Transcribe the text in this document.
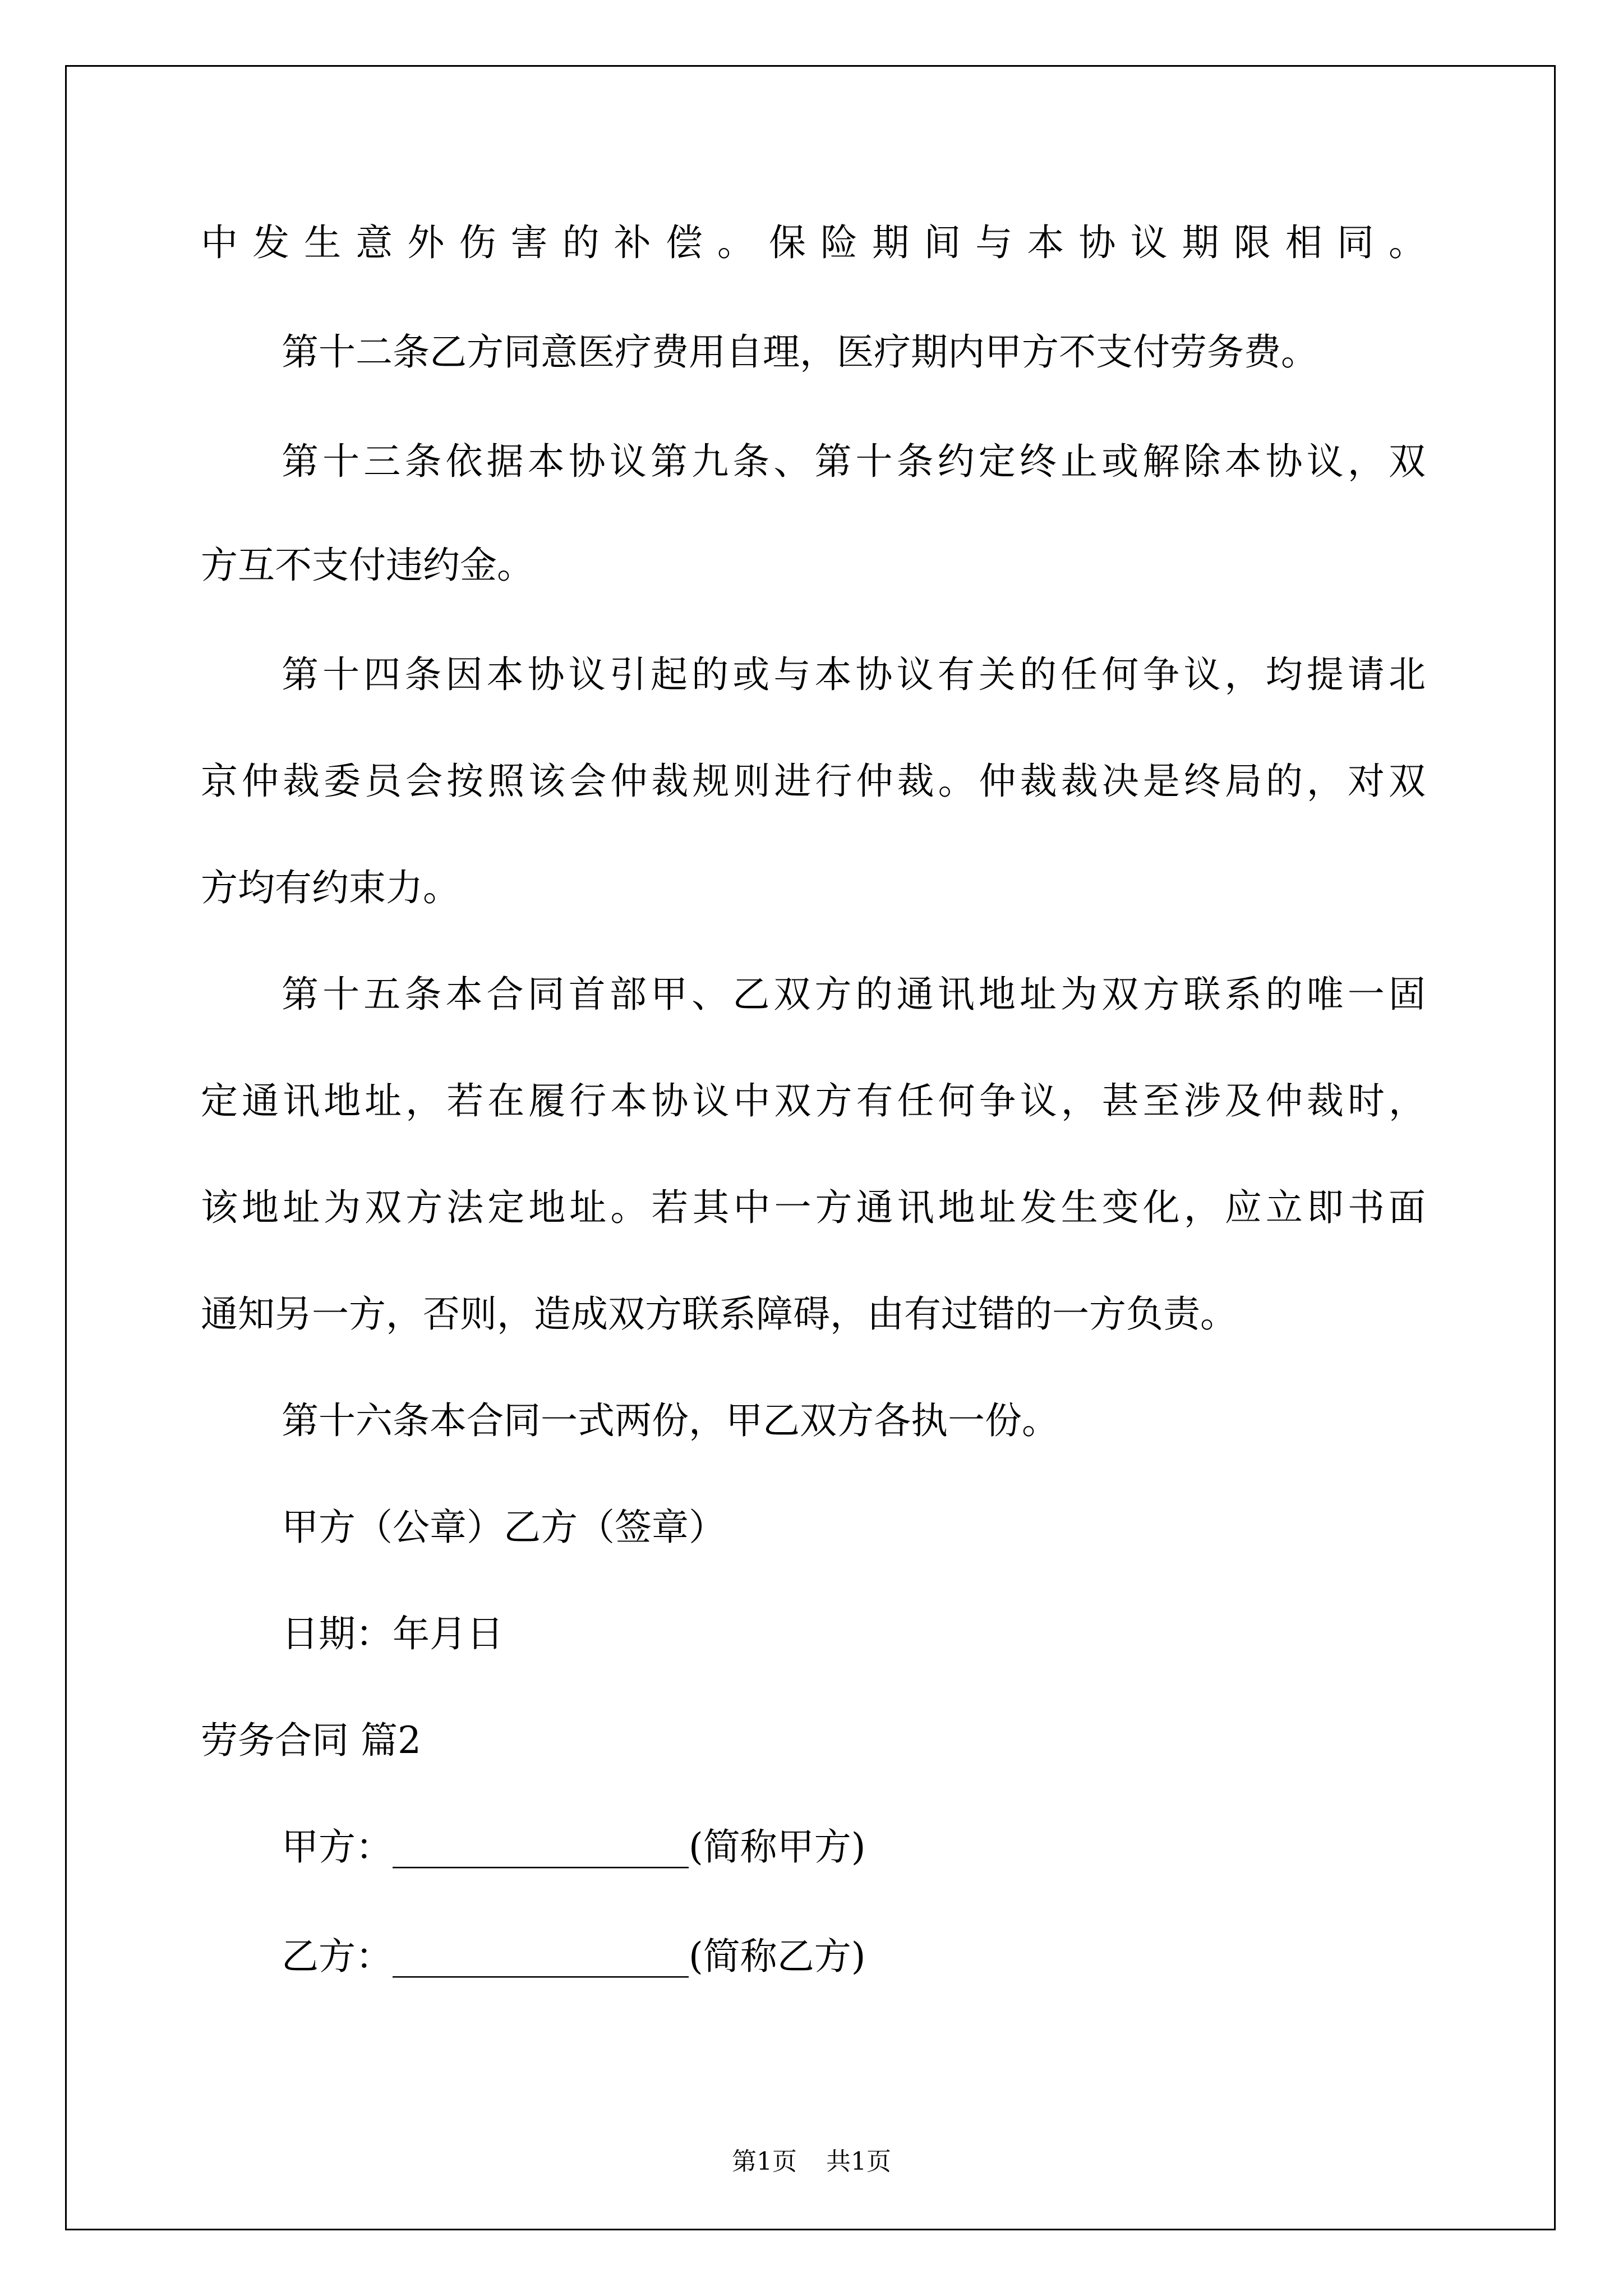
中发生意外伤害的补偿。保险期间与本协议期限相同。
第十二条乙方同意医疗费用自理，医疗期内甲方不支付劳务费。
第十三条依据本协议第九条、第十条约定终止或解除本协议，双
方互不支付违约金。
第十四条因本协议引起的或与本协议有关的任何争议，均提请北
京仲裁委员会按照该会仲裁规则进行仲裁。仲裁裁决是终局的，对双
方均有约束力。
第十五条本合同首部甲、乙双方的通讯地址为双方联系的唯一固
定通讯地址，若在履行本协议中双方有任何争议，甚至涉及仲裁时，
该地址为双方法定地址。若其中一方通讯地址发生变化，应立即书面
通知另一方，否则，造成双方联系障碍，由有过错的一方负责。
第十六条本合同一式两份，甲乙双方各执一份。
甲方（公章）乙方（签章）
日期：年月日
劳务合同 篇2
甲方：________________(简称甲方)
乙方：________________(简称乙方)
第1页 共1页
